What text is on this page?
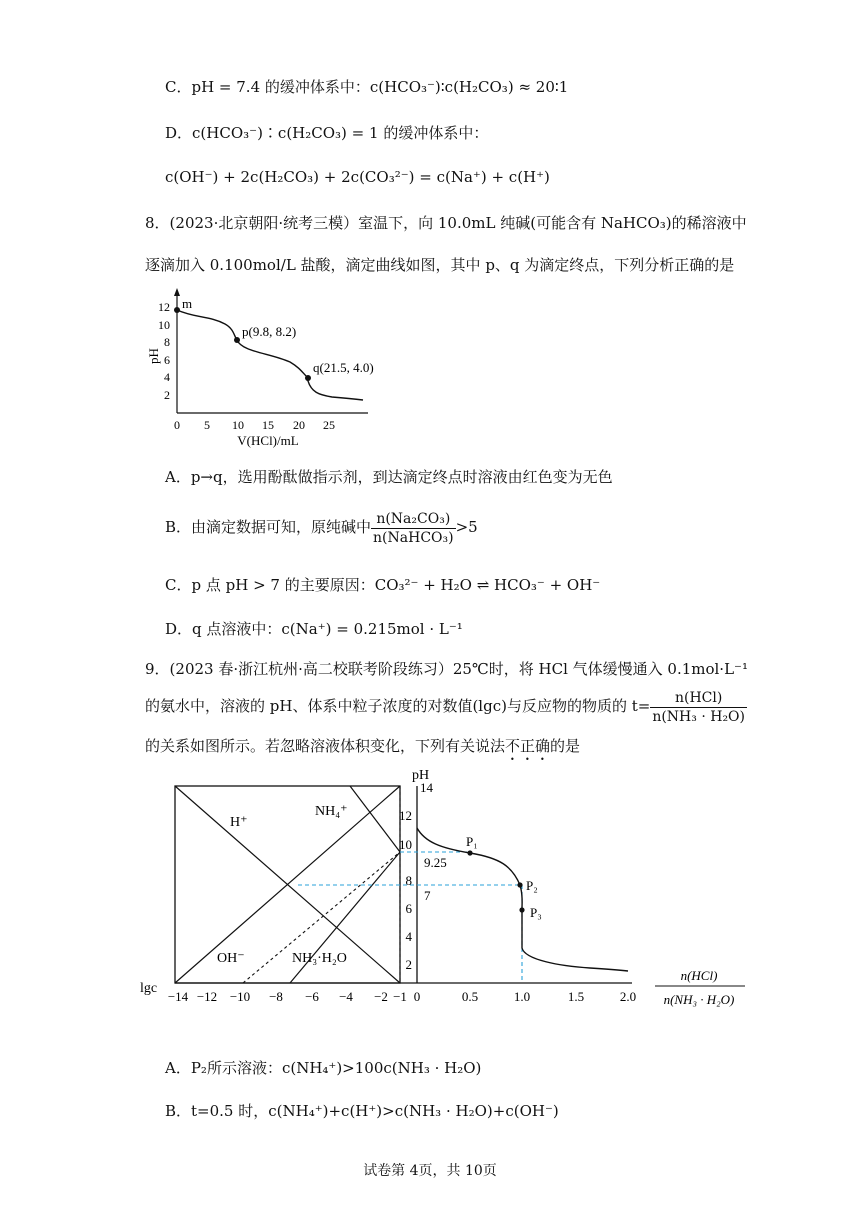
C．pH = 7.4 的缓冲体系中：c(HCO₃⁻)∶c(H₂CO₃) ≈ 20∶1
D．c(HCO₃⁻)∶c(H₂CO₃) = 1 的缓冲体系中：
c(OH⁻) + 2c(H₂CO₃) + 2c(CO₃²⁻) = c(Na⁺) + c(H⁺)
8．(2023·北京朝阳·统考三模）室温下，向 10.0mL 纯碱(可能含有 NaHCO₃)的稀溶液中
逐滴加入 0.100mol/L 盐酸，滴定曲线如图，其中 p、q 为滴定终点，下列分析正确的是
2
4
6
8
10
12
pH
0 5 10 15 20 25
V(HCl)/mL
m
p(9.8, 8.2)
q(21.5, 4.0)
A．p→q，选用酚酞做指示剂，到达滴定终点时溶液由红色变为无色
B．由滴定数据可知，原纯碱中 $\frac{\text{n(Na₂CO₃)}}{\text{n(NaHCO₃)}} >5$
C．p 点 pH > 7 的主要原因：CO₃²⁻ + H₂O ⇌ HCO₃⁻ + OH⁻
D．q 点溶液中：c(Na⁺) = 0.215mol · L⁻¹
9．(2023 春·浙江杭州·高二校联考阶段练习）25℃时，将 HCl 气体缓慢通入 0.1mol·L⁻¹
的氨水中，溶液的 pH、体系中粒子浓度的对数值(lgc)与反应物的物质的 $t= \frac{\text{n(HCl)}}{\text{n(NH₃ · H₂O)}}$
的关系如图所示。若忽略溶液体积变化，下列有关说法不正确的是
pH
lgc
H⁺
NH₄⁺
OH⁻	NH₃·H₂O
P₁
P₂
P₃
2
4
6
7
8
9.25
10
12
14
−14 −12 −10 −8 −6 −4 −2 −1 0	0.5	1.0	1.5	2.0
n(HCl)
n(NH₃ · H₂O)
A．P₂所示溶液：c(NH₄⁺)>100c(NH₃ · H₂O)
B．t=0.5 时，c(NH₄⁺)+c(H⁺)>c(NH₃ · H₂O)+c(OH⁻)
试卷第 4页，共 10页
